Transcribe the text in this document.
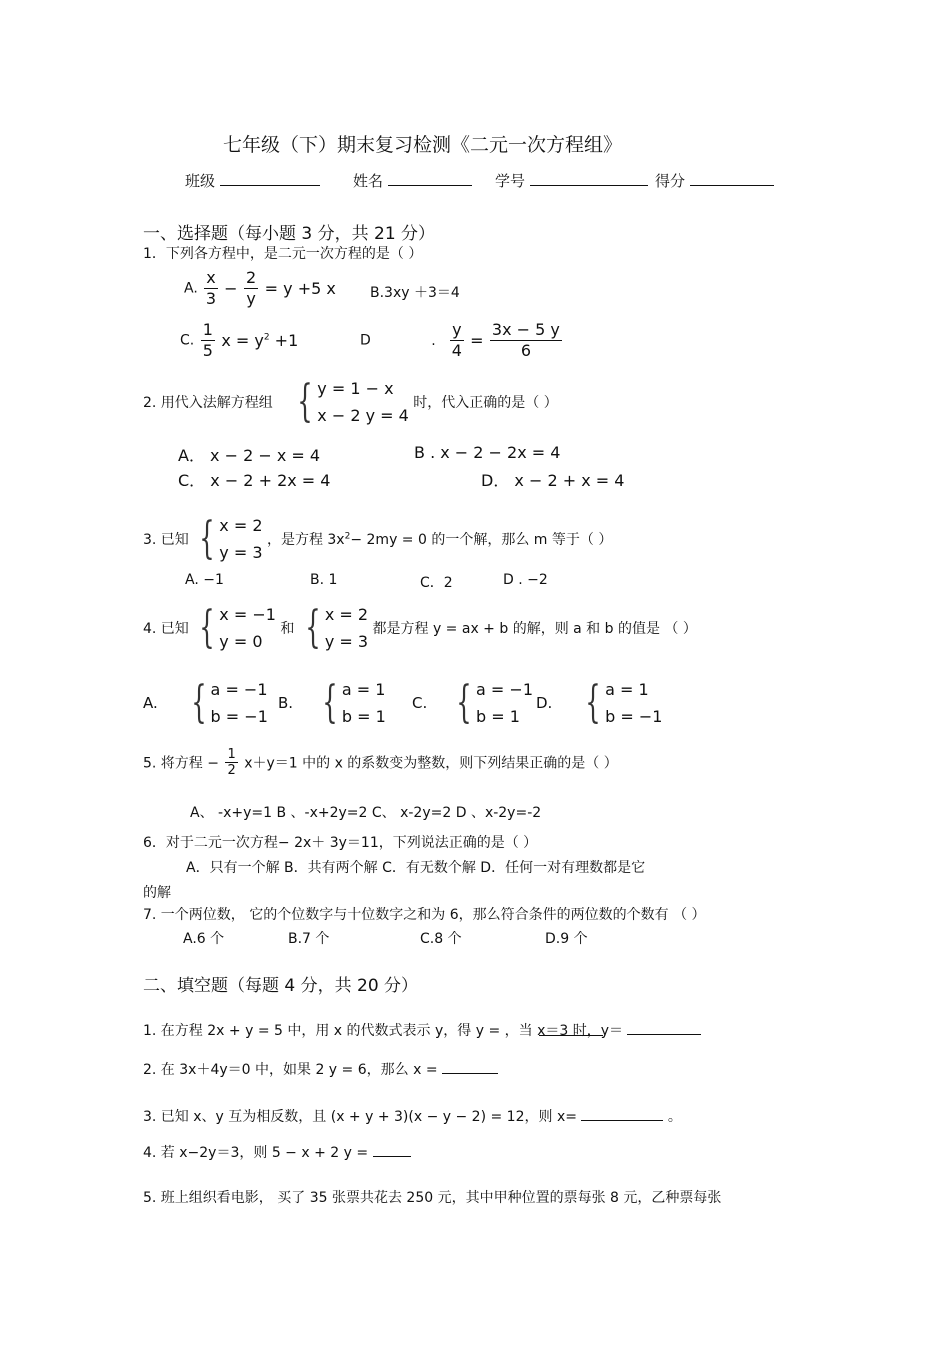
七年级（下）期末复习检测《二元一次方程组》
班级	姓名	学号	得分
一、选择题（每小题 3 分，共 21 分）
1．下列各方程中，是二元一次方程的是（ ）
A. $\frac{x}{3} - \frac{2}{y} = y +5$ x B.3xy ＋3＝4
C. $\frac{1}{5}$ $x = y^2 +1$	D	. $\frac{y}{4} = \frac{3x - 5 y}{6}$
2. 用代入法解方程组 { y = 1 − x
x − 2 y = 4
时，代入正确的是（ ）
A． x − 2 − x = 4	B . x − 2 − 2x = 4
C． x − 2 + 2x = 4	D． x − 2 + x = 4
3. 已知 { x = 2
y = 3
，是方程 $3x^2- 2my = 0$ 的一个解，那么 m 等于（ ）
A. −1	B. 1	C．2	D . −2
4. 已知 { x = −1
y = 0
和 { x = 2
y = 3
都是方程 y = ax + b 的解，则 a 和 b 的值是 （ ）
A. { a = −1
b = −1
B. { a = 1
b = 1
C. { a = −1
b = 1
D. { a = 1
b = −1
5. 将方程 − $\frac{1}{2} x+y=1$ 中的 x 的系数变为整数，则下列结果正确的是（ ）
A、 -x+y=1 B 、-x+2y=2 C、 x-2y=2 D 、x-2y=-2
6．对于二元一次方程− 2x＋ 3y＝11，下列说法正确的是（ ）
A．只有一个解 B．共有两个解 C．有无数个解 D．任何一对有理数都是它
的解
7. 一个两位数， 它的个位数字与十位数字之和为 6，那么符合条件的两位数的个数有 （ ）
A.6 个	B.7 个	C.8 个	D.9 个
二、填空题（每题 4 分，共 20 分）
1. 在方程 2x + y = 5 中，用 x 的代数式表示 y，得 y = ，当 x＝3 时，y＝
2. 在 3x＋4y＝0 中，如果 2 y = 6，那么 x =
3. 已知 x、y 互为相反数，且 (x + y + 3)(x − y − 2) = 12，则 x=	。
4. 若 x−2y＝3，则 5 − x + 2 y =
5. 班上组织看电影， 买了 35 张票共花去 250 元，其中甲种位置的票每张 8 元，乙种票每张
